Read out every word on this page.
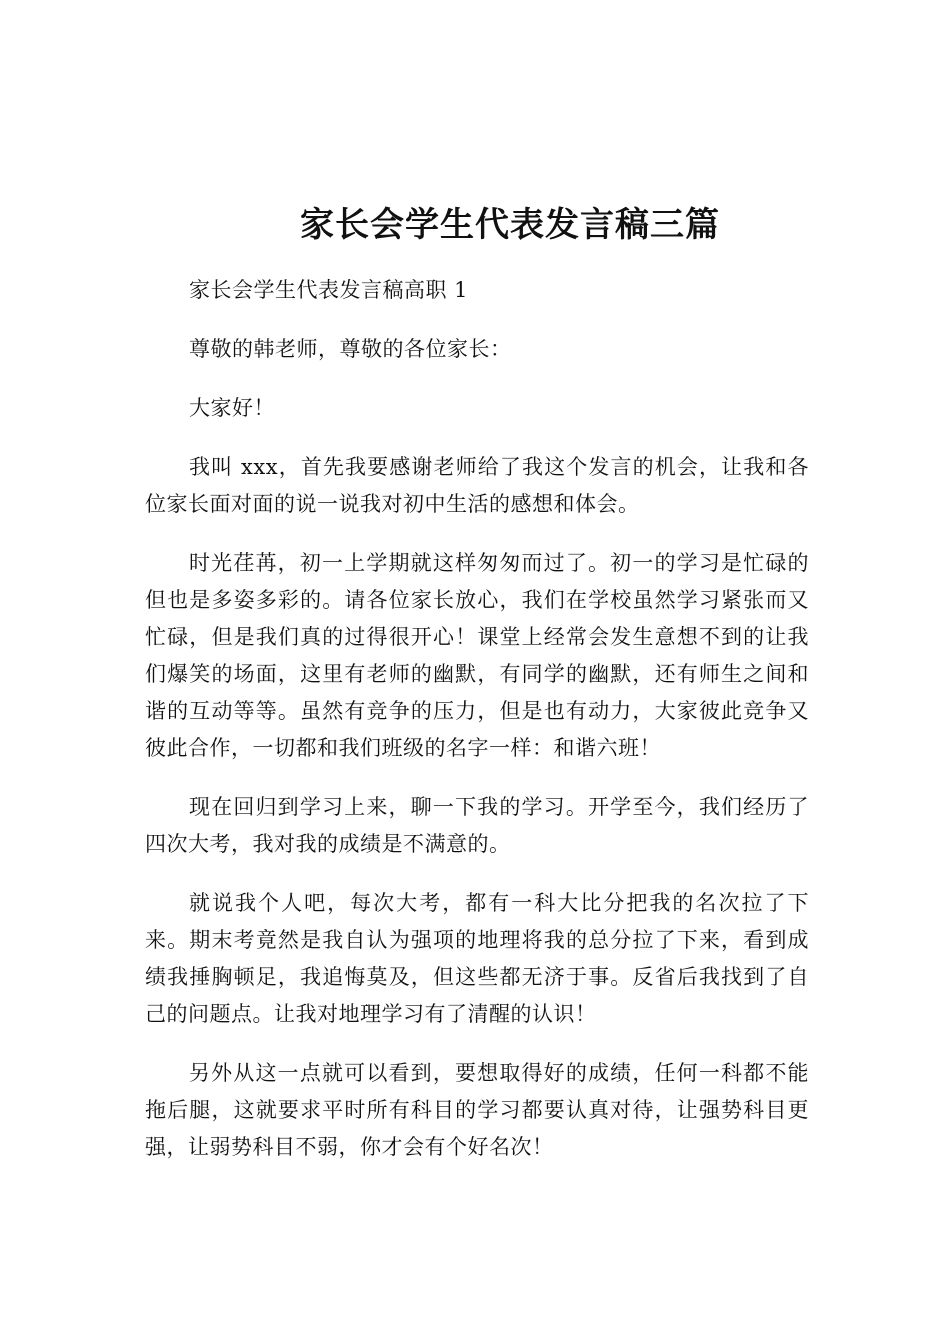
家长会学生代表发言稿三篇

家长会学生代表发言稿高职 1

尊敬的韩老师，尊敬的各位家长：

大家好！

我叫 xxx，首先我要感谢老师给了我这个发言的机会，让我和各位家长面对面的说一说我对初中生活的感想和体会。

时光荏苒，初一上学期就这样匆匆而过了。初一的学习是忙碌的但也是多姿多彩的。请各位家长放心，我们在学校虽然学习紧张而又忙碌，但是我们真的过得很开心！课堂上经常会发生意想不到的让我们爆笑的场面，这里有老师的幽默，有同学的幽默，还有师生之间和谐的互动等等。虽然有竞争的压力，但是也有动力，大家彼此竞争又彼此合作，一切都和我们班级的名字一样：和谐六班！

现在回归到学习上来，聊一下我的学习。开学至今，我们经历了四次大考，我对我的成绩是不满意的。

就说我个人吧，每次大考，都有一科大比分把我的名次拉了下来。期末考竟然是我自认为强项的地理将我的总分拉了下来，看到成绩我捶胸顿足，我追悔莫及，但这些都无济于事。反省后我找到了自己的问题点。让我对地理学习有了清醒的认识！

另外从这一点就可以看到，要想取得好的成绩，任何一科都不能拖后腿，这就要求平时所有科目的学习都要认真对待，让强势科目更强，让弱势科目不弱，你才会有个好名次！
